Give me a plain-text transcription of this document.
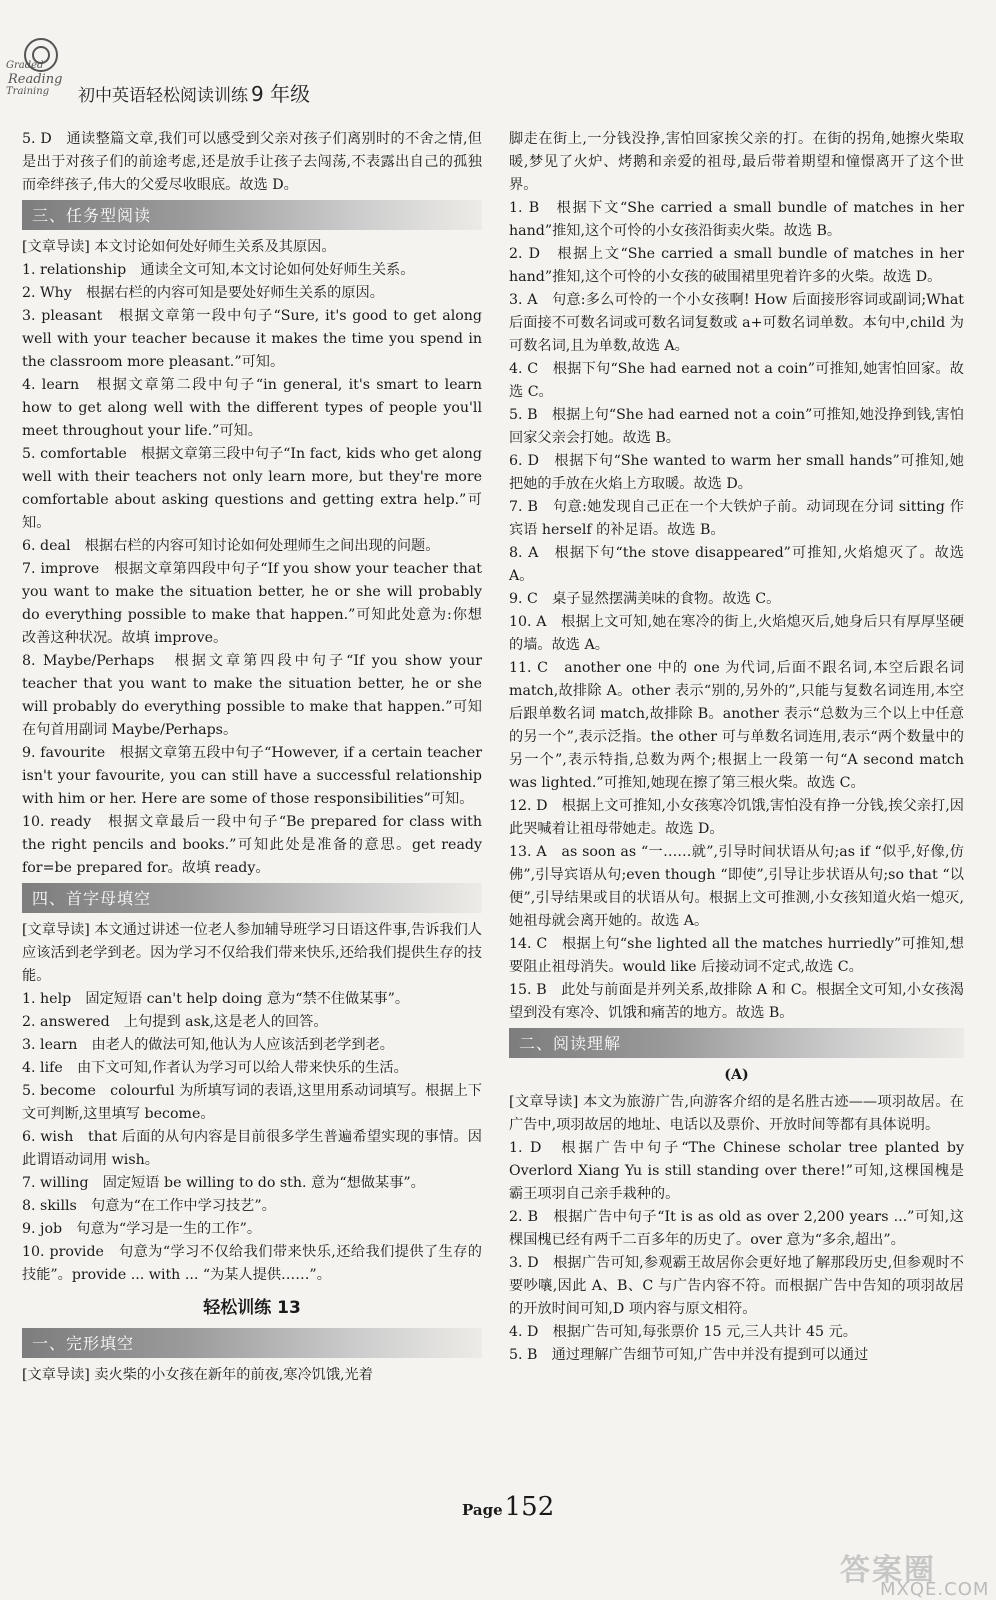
Graded
Reading
Training 初中英语轻松阅读训练 9 年级

5. D　通读整篇文章,我们可以感受到父亲对孩子们离别时的不舍之情,但是出于对孩子们的前途考虑,还是放手让孩子去闯荡,不表露出自己的孤独而牵绊孩子,伟大的父爱尽收眼底。故选 D。

三、任务型阅读

[文章导读] 本文讨论如何处好师生关系及其原因。

1. relationship　通读全文可知,本文讨论如何处好师生关系。

2. Why　根据右栏的内容可知是要处好师生关系的原因。

3. pleasant　根据文章第一段中句子“Sure, it's good to get along well with your teacher because it makes the time you spend in the classroom more pleasant.”可知。

4. learn　根据文章第二段中句子“in general, it's smart to learn how to get along well with the different types of people you'll meet throughout your life.”可知。

5. comfortable　根据文章第三段中句子“In fact, kids who get along well with their teachers not only learn more, but they're more comfortable about asking questions and getting extra help.”可知。

6. deal　根据右栏的内容可知讨论如何处理师生之间出现的问题。

7. improve　根据文章第四段中句子“If you show your teacher that you want to make the situation better, he or she will probably do everything possible to make that happen.”可知此处意为:你想改善这种状况。故填 improve。

8. Maybe/Perhaps　根据文章第四段中句子“If you show your teacher that you want to make the situation better, he or she will probably do everything possible to make that happen.”可知在句首用副词 Maybe/Perhaps。

9. favourite　根据文章第五段中句子“However, if a certain teacher isn't your favourite, you can still have a successful relationship with him or her. Here are some of those responsibilities”可知。

10. ready　根据文章最后一段中句子“Be prepared for class with the right pencils and books.”可知此处是准备的意思。get ready for=be prepared for。故填 ready。

四、首字母填空

[文章导读] 本文通过讲述一位老人参加辅导班学习日语这件事,告诉我们人应该活到老学到老。因为学习不仅给我们带来快乐,还给我们提供生存的技能。

1. help　固定短语 can't help doing 意为“禁不住做某事”。

2. answered　上句提到 ask,这是老人的回答。

3. learn　由老人的做法可知,他认为人应该活到老学到老。

4. life　由下文可知,作者认为学习可以给人带来快乐的生活。

5. become　colourful 为所填写词的表语,这里用系动词填写。根据上下文可判断,这里填写 become。

6. wish　that 后面的从句内容是目前很多学生普遍希望实现的事情。因此谓语动词用 wish。

7. willing　固定短语 be willing to do sth. 意为“想做某事”。

8. skills　句意为“在工作中学习技艺”。

9. job　句意为“学习是一生的工作”。

10. provide　句意为“学习不仅给我们带来快乐,还给我们提供了生存的技能”。provide ... with ... “为某人提供……”。

轻松训练 13

一、完形填空

[文章导读] 卖火柴的小女孩在新年的前夜,寒冷饥饿,光着

脚走在街上,一分钱没挣,害怕回家挨父亲的打。在街的拐角,她擦火柴取暖,梦见了火炉、烤鹅和亲爱的祖母,最后带着期望和憧憬离开了这个世界。

1. B　根据下文“She carried a small bundle of matches in her hand”推知,这个可怜的小女孩沿街卖火柴。故选 B。

2. D　根据上文“She carried a small bundle of matches in her hand”推知,这个可怜的小女孩的破围裙里兜着许多的火柴。故选 D。

3. A　句意:多么可怜的一个小女孩啊! How 后面接形容词或副词;What 后面接不可数名词或可数名词复数或 a+可数名词单数。本句中,child 为可数名词,且为单数,故选 A。

4. C　根据下句“She had earned not a coin”可推知,她害怕回家。故选 C。

5. B　根据上句“She had earned not a coin”可推知,她没挣到钱,害怕回家父亲会打她。故选 B。

6. D　根据下句“She wanted to warm her small hands”可推知,她把她的手放在火焰上方取暖。故选 D。

7. B　句意:她发现自己正在一个大铁炉子前。动词现在分词 sitting 作宾语 herself 的补足语。故选 B。

8. A　根据下句“the stove disappeared”可推知,火焰熄灭了。故选 A。

9. C　桌子显然摆满美味的食物。故选 C。

10. A　根据上文可知,她在寒冷的街上,火焰熄灭后,她身后只有厚厚坚硬的墙。故选 A。

11. C　another one 中的 one 为代词,后面不跟名词,本空后跟名词 match,故排除 A。other 表示“别的,另外的”,只能与复数名词连用,本空后跟单数名词 match,故排除 B。another 表示“总数为三个以上中任意的另一个”,表示泛指。the other 可与单数名词连用,表示“两个数量中的另一个”,表示特指,总数为两个;根据上一段第一句“A second match was lighted.”可推知,她现在擦了第三根火柴。故选 C。

12. D　根据上文可推知,小女孩寒冷饥饿,害怕没有挣一分钱,挨父亲打,因此哭喊着让祖母带她走。故选 D。

13. A　as soon as “一……就”,引导时间状语从句;as if “似乎,好像,仿佛”,引导宾语从句;even though “即使”,引导让步状语从句;so that “以便”,引导结果或目的状语从句。根据上文可推测,小女孩知道火焰一熄灭,她祖母就会离开她的。故选 A。

14. C　根据上句“she lighted all the matches hurriedly”可推知,想要阻止祖母消失。would like 后接动词不定式,故选 C。

15. B　此处与前面是并列关系,故排除 A 和 C。根据全文可知,小女孩渴望到没有寒冷、饥饿和痛苦的地方。故选 B。

二、阅读理解

(A)

[文章导读] 本文为旅游广告,向游客介绍的是名胜古迹——项羽故居。在广告中,项羽故居的地址、电话以及票价、开放时间等都有具体说明。

1. D　根据广告中句子“The Chinese scholar tree planted by Overlord Xiang Yu is still standing over there!”可知,这棵国槐是霸王项羽自己亲手栽种的。

2. B　根据广告中句子“It is as old as over 2,200 years ...”可知,这棵国槐已经有两千二百多年的历史了。over 意为“多余,超出”。

3. D　根据广告可知,参观霸王故居你会更好地了解那段历史,但参观时不要吵嚷,因此 A、B、C 与广告内容不符。而根据广告中告知的项羽故居的开放时间可知,D 项内容与原文相符。

4. D　根据广告可知,每张票价 15 元,三人共计 45 元。

5. B　通过理解广告细节可知,广告中并没有提到可以通过

Page152
答案圈
MXQE.COM
